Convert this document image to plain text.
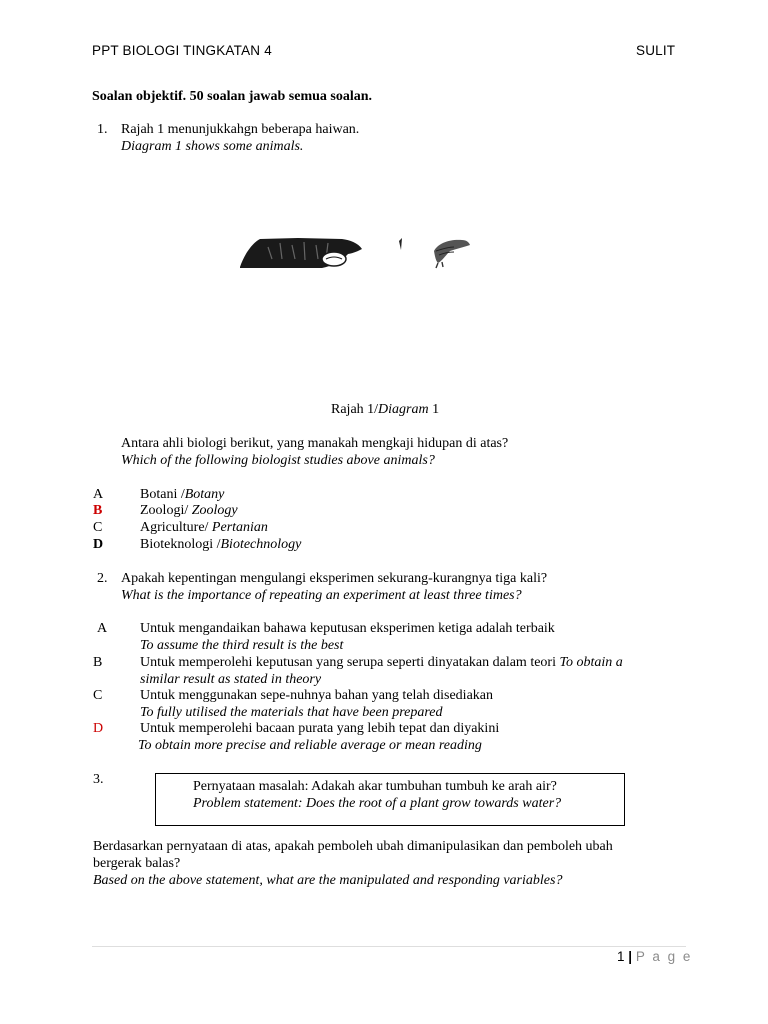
PPT BIOLOGI TINGKATAN 4	SULIT
Soalan objektif. 50 soalan jawab semua soalan.
1. Rajah 1 menunjukkahgn beberapa haiwan.
Diagram 1 shows some animals.
Rajah 1/Diagram 1
Antara ahli biologi berikut, yang manakah mengkaji hidupan di atas?
Which of the following biologist studies above animals?
A	Botani /Botany
B	Zoologi/ Zoology
C	Agriculture/ Pertanian
D	Bioteknologi /Biotechnology
2. Apakah kepentingan mengulangi eksperimen sekurang-kurangnya tiga kali?
What is the importance of repeating an experiment at least three times?
A Untuk mengandaikan bahawa keputusan eksperimen ketiga adalah terbaik
To assume the third result is the best
B	Untuk memperolehi keputusan yang serupa seperti dinyatakan dalam teori To obtain a
similar result as stated in theory
C	Untuk menggunakan sepe-nuhnya bahan yang telah disediakan
To fully utilised the materials that have been prepared
D	Untuk memperolehi bacaan purata yang lebih tepat dan diyakini
To obtain more precise and reliable average or mean reading
3.	Pernyataan masalah: Adakah akar tumbuhan tumbuh ke arah air?
Problem statement: Does the root of a plant grow towards water?
Berdasarkan pernyataan di atas, apakah pemboleh ubah dimanipulasikan dan pemboleh ubah
bergerak balas?
Based on the above statement, what are the manipulated and responding variables?
1 | P a g e
